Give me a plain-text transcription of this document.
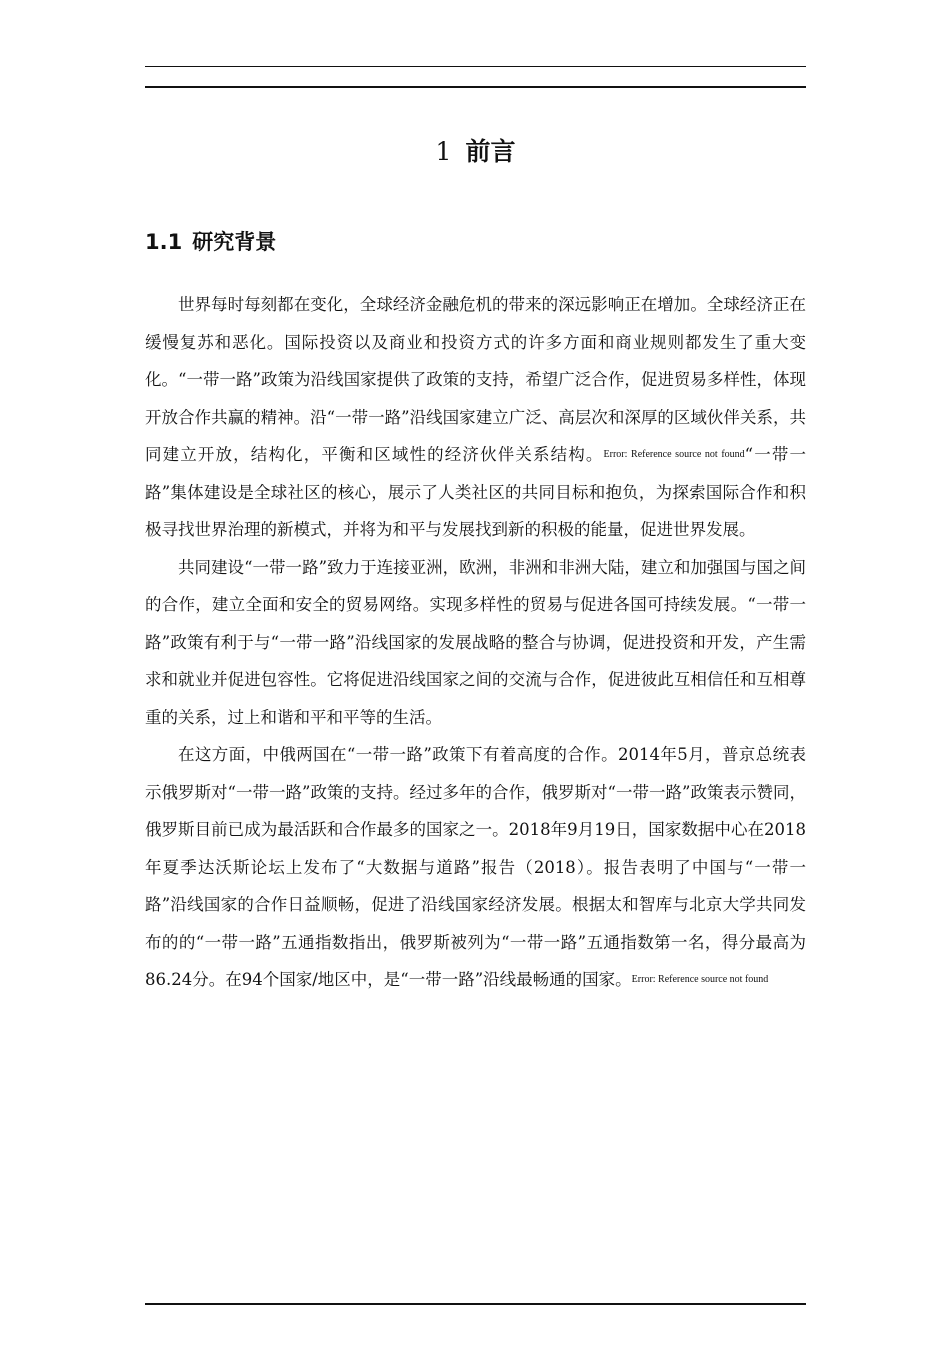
1 前言
1.1 研究背景

世界每时每刻都在变化，全球经济金融危机的带来的深远影响正在增加。全球经济正在缓慢复苏和恶化。国际投资以及商业和投资方式的许多方面和商业规则都发生了重大变化。“一带一路”政策为沿线国家提供了政策的支持，希望广泛合作，促进贸易多样性，体现开放合作共赢的精神。沿“一带一路”沿线国家建立广泛、高层次和深厚的区域伙伴关系，共同建立开放，结构化，平衡和区域性的经济伙伴关系结构。Error: Reference source not found“一带一路”集体建设是全球社区的核心，展示了人类社区的共同目标和抱负，为探索国际合作和积极寻找世界治理的新模式，并将为和平与发展找到新的积极的能量，促进世界发展。

共同建设“一带一路”致力于连接亚洲，欧洲，非洲和非洲大陆，建立和加强国与国之间的合作，建立全面和安全的贸易网络。实现多样性的贸易与促进各国可持续发展。“一带一路”政策有利于与“一带一路”沿线国家的发展战略的整合与协调，促进投资和开发，产生需求和就业并促进包容性。它将促进沿线国家之间的交流与合作，促进彼此互相信任和互相尊重的关系，过上和谐和平和平等的生活。

在这方面，中俄两国在“一带一路”政策下有着高度的合作。2014年5月，普京总统表示俄罗斯对“一带一路”政策的支持。经过多年的合作，俄罗斯对“一带一路”政策表示赞同，俄罗斯目前已成为最活跃和合作最多的国家之一。2018年9月19日，国家数据中心在2018年夏季达沃斯论坛上发布了“大数据与道路”报告（2018）。报告表明了中国与“一带一路”沿线国家的合作日益顺畅，促进了沿线国家经济发展。根据太和智库与北京大学共同发布的的“一带一路”五通指数指出，俄罗斯被列为“一带一路”五通指数第一名，得分最高为86.24分。在94个国家/地区中，是“一带一路”沿线最畅通的国家。Error: Reference source not found
